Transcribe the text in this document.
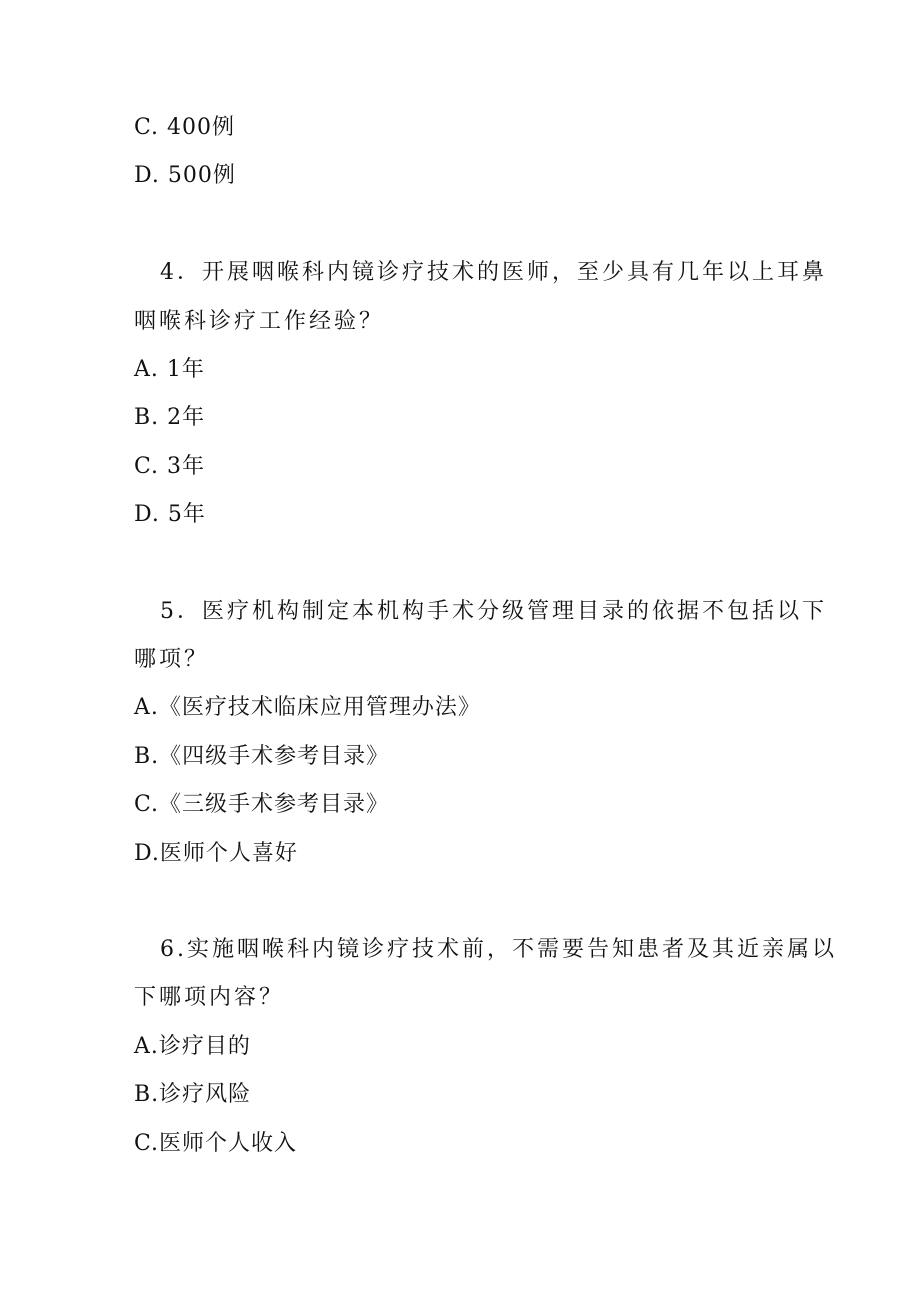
C. 400例
D. 500例
4．开展咽喉科内镜诊疗技术的医师，至少具有几年以上耳鼻
咽喉科诊疗工作经验？
A. 1年
B. 2年
C. 3年
D. 5年
5．医疗机构制定本机构手术分级管理目录的依据不包括以下
哪项？
A.《医疗技术临床应用管理办法》
B.《四级手术参考目录》
C.《三级手术参考目录》
D.医师个人喜好
6.实施咽喉科内镜诊疗技术前，不需要告知患者及其近亲属以
下哪项内容？
A.诊疗目的
B.诊疗风险
C.医师个人收入
